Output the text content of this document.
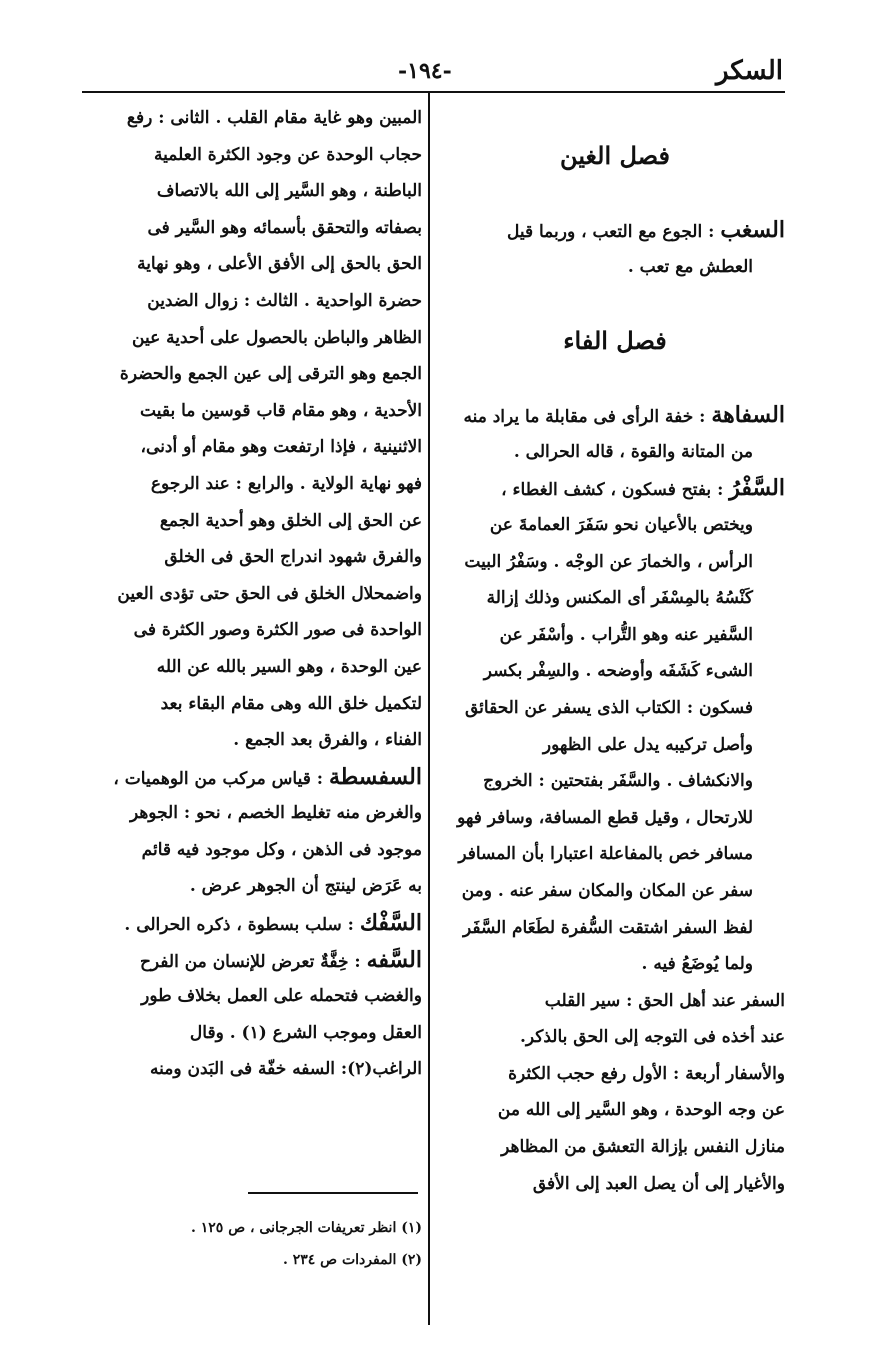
السكر
-١٩٤-
فصل الغين
السغب : الجوع مع التعب ، وربما قيل
العطش مع تعب .
فصل الفاء
السفاهة : خفة الرأى فى مقابلة ما يراد منه
من المتانة والقوة ، قاله الحرالى .
السَّفْرُ : بفتح فسكون ، كشف الغطاء ،
ويختص بالأعيان نحو سَفَرَ العمامةَ عن
الرأس ، والخمارَ عن الوجْه . وسَفْرُ البيت
كَنْسُهُ بالمِسْفَر أى المكنس وذلك إزالة
السَّفير عنه وهو التُّراب . وأسْفَر عن
الشىء كَشَفَه وأوضحه . والسِفْر بكسر
فسكون : الكتاب الذى يسفر عن الحقائق
وأصل تركيبه يدل على الظهور
والانكشاف . والسَّفَر بفتحتين : الخروج
للارتحال ، وقيل قطع المسافة، وسافر فهو
مسافر خص بالمفاعلة اعتبارا بأن المسافر
سفر عن المكان والمكان سفر عنه . ومن
لفظ السفر اشتقت السُّفرة لطَعَام السَّفَر
ولما يُوضَعُ فيه .
السفر عند أهل الحق : سير القلب
عند أخذه فى التوجه إلى الحق بالذكر.
والأسفار أربعة : الأول رفع حجب الكثرة
عن وجه الوحدة ، وهو السَّير إلى الله من
منازل النفس بإزالة التعشق من المظاهر
والأغيار إلى أن يصل العبد إلى الأفق
المبين وهو غاية مقام القلب . الثانى : رفع
حجاب الوحدة عن وجود الكثرة العلمية
الباطنة ، وهو السَّير إلى الله بالاتصاف
بصفاته والتحقق بأسمائه وهو السَّير فى
الحق بالحق إلى الأفق الأعلى ، وهو نهاية
حضرة الواحدية . الثالث : زوال الضدين
الظاهر والباطن بالحصول على أحدية عين
الجمع وهو الترقى إلى عين الجمع والحضرة
الأحدية ، وهو مقام قاب قوسين ما بقيت
الاثنينية ، فإذا ارتفعت وهو مقام أو أدنى،
فهو نهاية الولاية . والرابع : عند الرجوع
عن الحق إلى الخلق وهو أحدية الجمع
والفرق شهود اندراج الحق فى الخلق
واضمحلال الخلق فى الحق حتى تؤدى العين
الواحدة فى صور الكثرة وصور الكثرة فى
عين الوحدة ، وهو السير بالله عن الله
لتكميل خلق الله وهى مقام البقاء بعد
الفناء ، والفرق بعد الجمع .
السفسطة : قياس مركب من الوهميات ،
والغرض منه تغليط الخصم ، نحو : الجوهر
موجود فى الذهن ، وكل موجود فيه قائم
به عَرَض لينتج أن الجوهر عرض .
السَّفْك : سلب بسطوة ، ذكره الحرالى .
السَّفه : خِفَّةٌ تعرض للإنسان من الفرح
والغضب فتحمله على العمل بخلاف طور
العقل وموجب الشرع (١) . وقال
الراغب(٢): السفه خفّة فى البَدن ومنه
(١) انظر تعريفات الجرجانى ، ص ١٢٥ .
(٢) المفردات ص ٢٣٤ .
